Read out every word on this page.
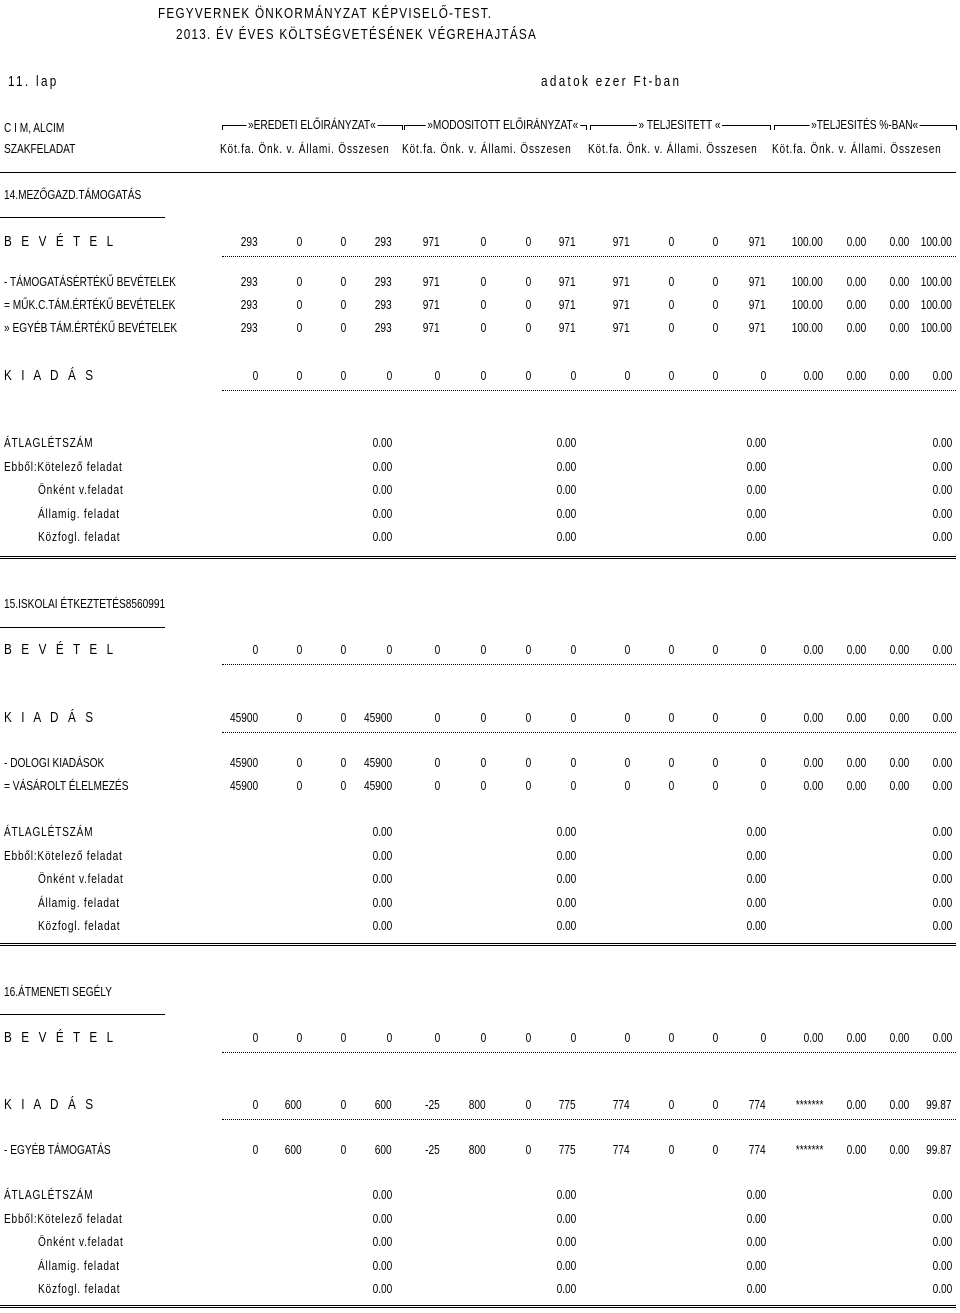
FEGYVERNEK ÖNKORMÁNYZAT KÉPVISELŐ-TEST.
2013. ÉV ÉVES KÖLTSÉGVETÉSÉNEK VÉGREHAJTÁSA
11. lap	adatok ezer Ft-ban
C I M, ALCIM
SZAKFELADAT
»EREDETI ELŐIRÁNYZAT«
Köt.fa. Önk. v. Állami. Összesen
»MODOSITOTT ELŐIRÁNYZAT«
Köt.fa. Önk. v. Állami. Összesen
» TELJESITETT «
Köt.fa. Önk. v. Állami. Összesen
»TELJESITÉS %-BAN«
Köt.fa. Önk. v. Állami. Összesen
14.MEZŐGAZD.TÁMOGATÁS
B E V É T E L	293	0	0	293	971	0	0	971	971	0	0	971	100.00	0.00	0.00 100.00
- TÁMOGATÁSÉRTÉKŰ BEVÉTELEK	293	0	0	293	971	0	0	971	971	0	0	971	100.00	0.00	0.00 100.00
= MŰK.C.TÁM.ÉRTÉKŰ BEVÉTELEK	293	0	0	293	971	0	0	971	971	0	0	971	100.00	0.00	0.00 100.00
» EGYÉB TÁM.ÉRTÉKŰ BEVÉTELEK	293	0	0	293	971	0	0	971	971	0	0	971	100.00	0.00	0.00 100.00
K I A D Á S	0	0	0	0	0	0	0	0	0	0	0	0	0.00	0.00	0.00	0.00
ÁTLAGLÉTSZÁM	0.00	0.00	0.00	0.00
Ebből:Kötelező feladat	0.00	0.00	0.00	0.00
Önként v.feladat	0.00	0.00	0.00	0.00
Államig. feladat	0.00	0.00	0.00	0.00
Közfogl. feladat	0.00	0.00	0.00	0.00
15.ISKOLAI ÉTKEZTETÉS8560991
B E V É T E L	0	0	0	0	0	0	0	0	0	0	0	0	0.00	0.00	0.00	0.00
K I A D Á S	45900	0	0	45900	0	0	0	0	0	0	0	0	0.00	0.00	0.00	0.00
- DOLOGI KIADÁSOK	45900	0	0	45900	0	0	0	0	0	0	0	0	0.00	0.00	0.00	0.00
= VÁSÁROLT ÉLELMEZÉS	45900	0	0	45900	0	0	0	0	0	0	0	0	0.00	0.00	0.00	0.00
ÁTLAGLÉTSZÁM	0.00	0.00	0.00	0.00
Ebből:Kötelező feladat	0.00	0.00	0.00	0.00
Önként v.feladat	0.00	0.00	0.00	0.00
Államig. feladat	0.00	0.00	0.00	0.00
Közfogl. feladat	0.00	0.00	0.00	0.00
16.ÁTMENETI SEGÉLY
B E V É T E L	0	0	0	0	0	0	0	0	0	0	0	0	0.00	0.00	0.00	0.00
K I A D Á S	0	600	0	600	-25	800	0	775	774	0	0	774	*******	0.00	0.00	99.87
- EGYÉB TÁMOGATÁS	0	600	0	600	-25	800	0	775	774	0	0	774	*******	0.00	0.00	99.87
ÁTLAGLÉTSZÁM	0.00	0.00	0.00	0.00
Ebből:Kötelező feladat	0.00	0.00	0.00	0.00
Önként v.feladat	0.00	0.00	0.00	0.00
Államig. feladat	0.00	0.00	0.00	0.00
Közfogl. feladat	0.00	0.00	0.00	0.00
